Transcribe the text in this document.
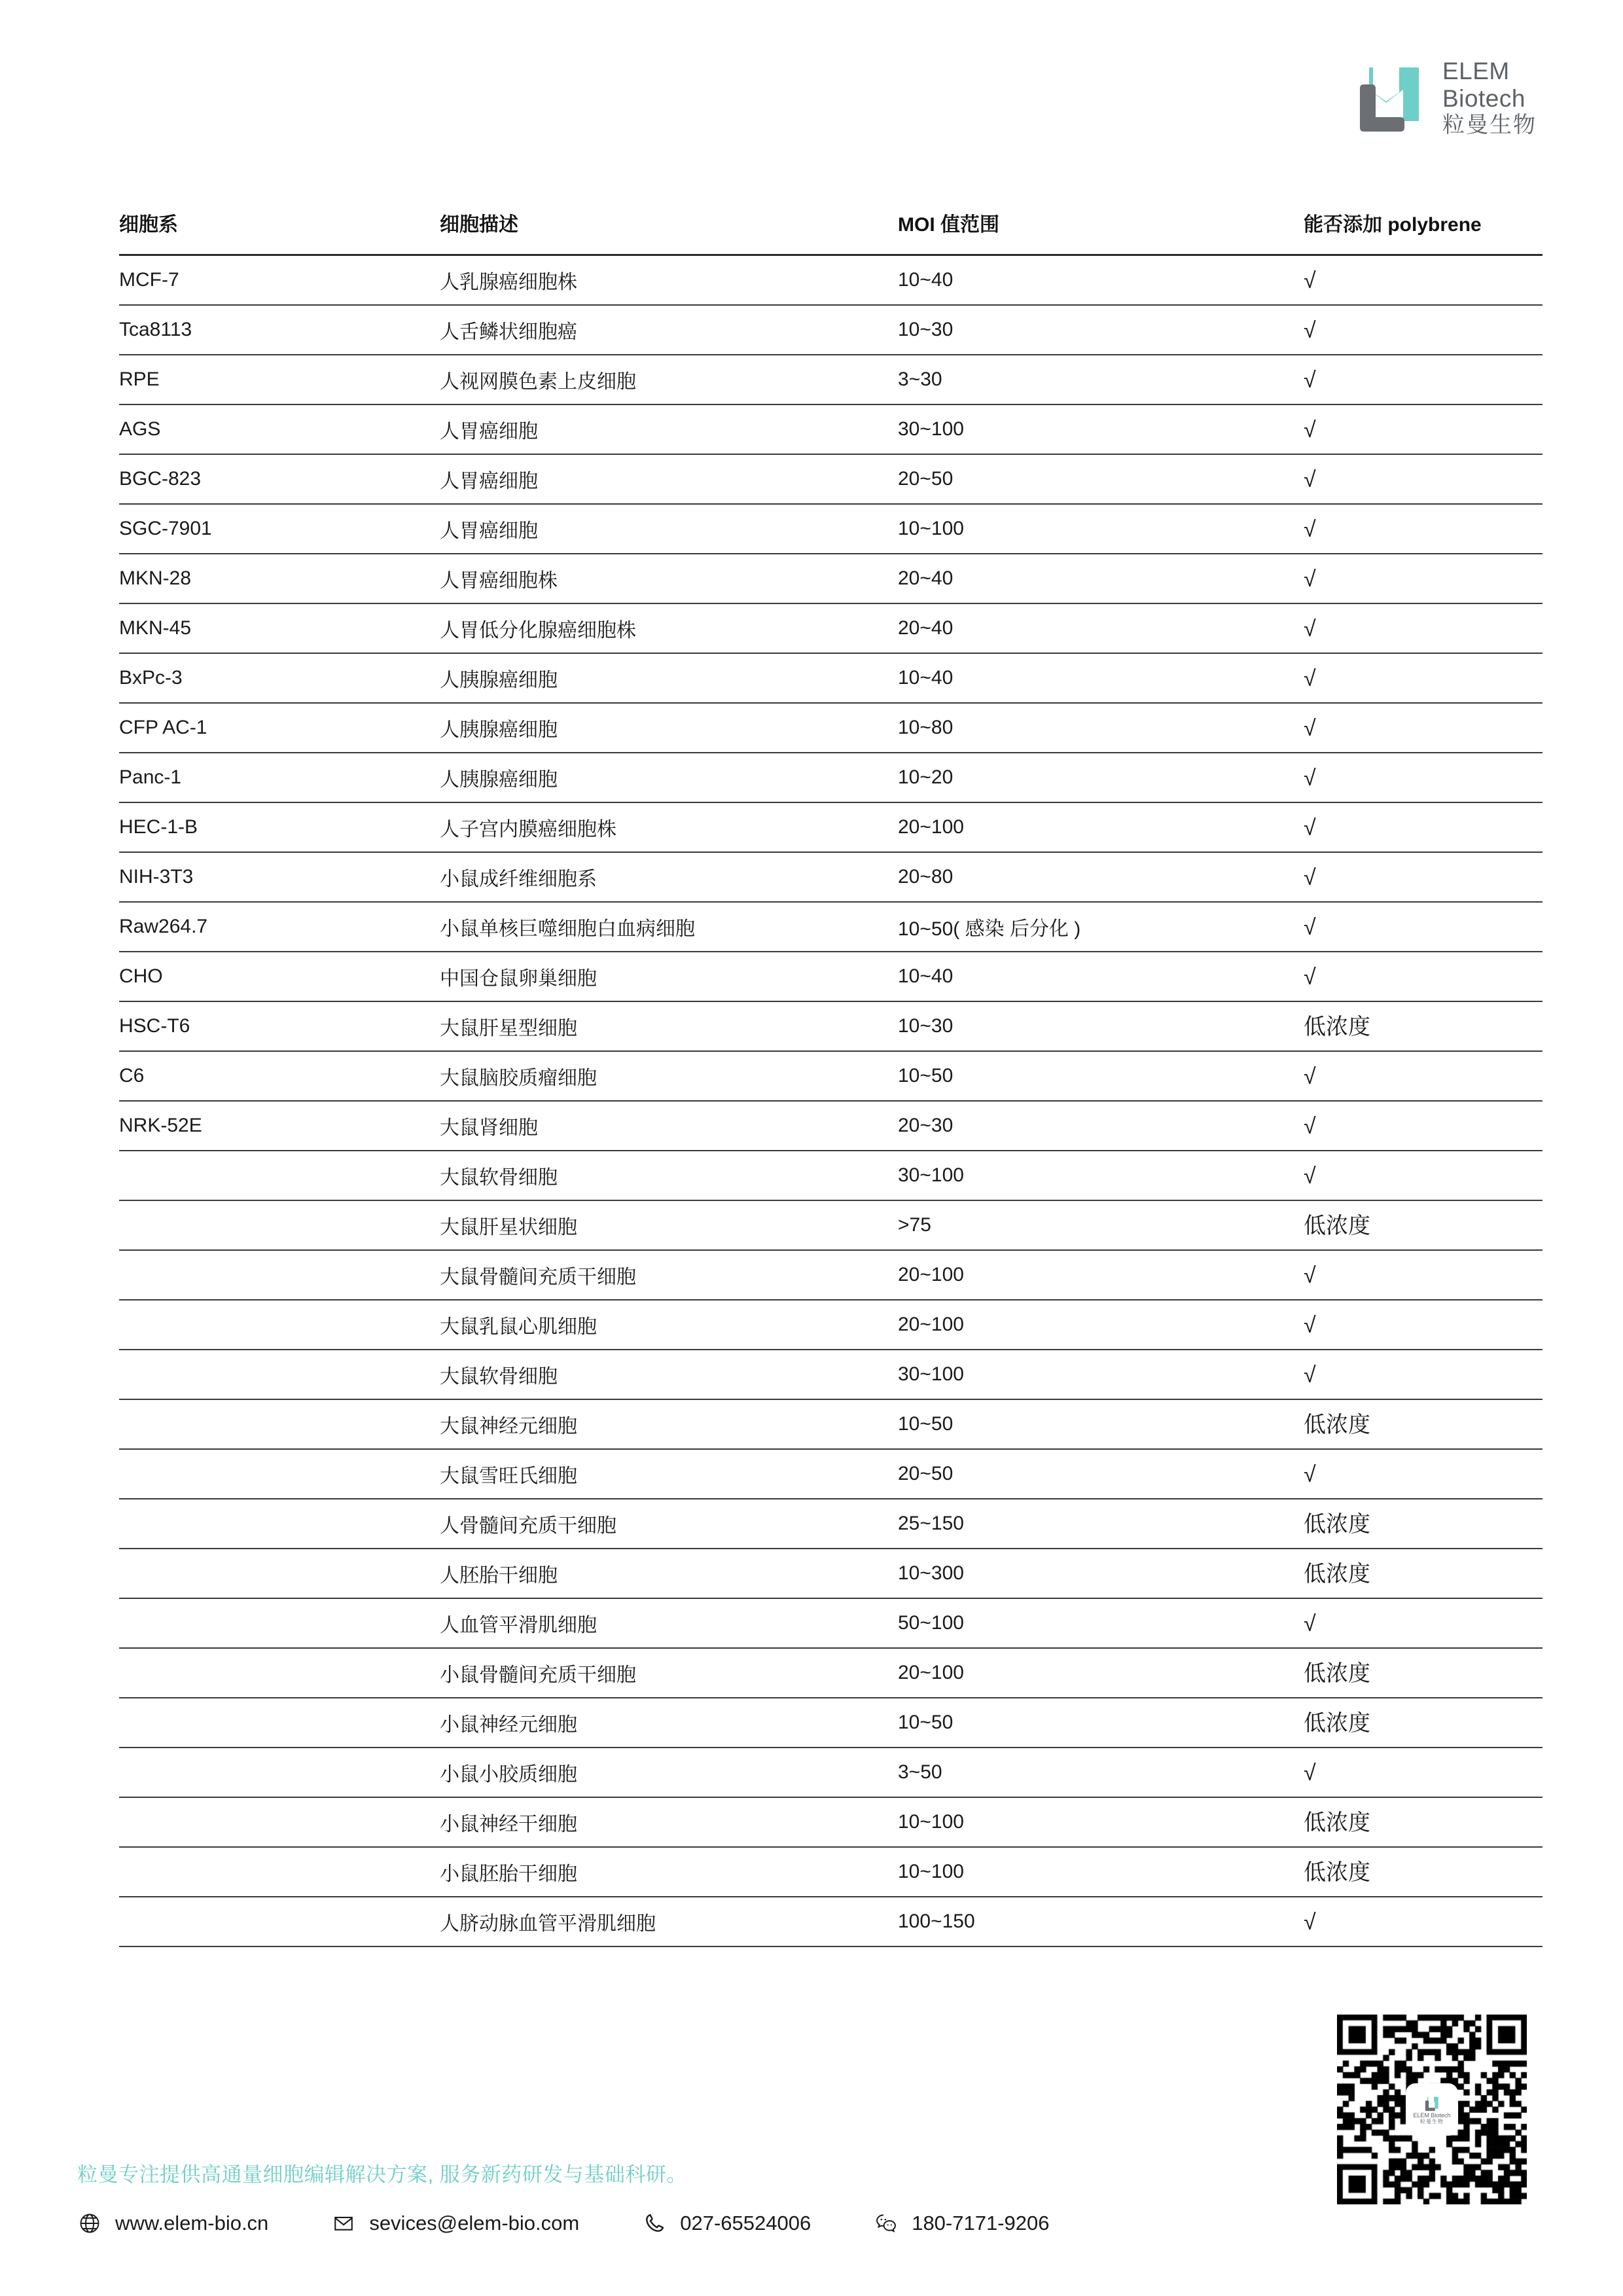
ELEM
Biotech
粒曼生物
细胞系	细胞描述	MOI 值范围	能否添加 polybrene
MCF-7	人乳腺癌细胞株	10~40	√
Tca8113	人舌鳞状细胞癌	10~30	√
RPE	人视网膜色素上皮细胞	3~30	√
AGS	人胃癌细胞	30~100	√
BGC-823	人胃癌细胞	20~50	√
SGC-7901	人胃癌细胞	10~100	√
MKN-28	人胃癌细胞株	20~40	√
MKN-45	人胃低分化腺癌细胞株	20~40	√
BxPc-3	人胰腺癌细胞	10~40	√
CFP AC-1	人胰腺癌细胞	10~80	√
Panc-1	人胰腺癌细胞	10~20	√
HEC-1-B	人子宫内膜癌细胞株	20~100	√
NIH-3T3	小鼠成纤维细胞系	20~80	√
Raw264.7	小鼠单核巨噬细胞白血病细胞	10~50( 感染 后分化 )	√
CHO	中国仓鼠卵巢细胞	10~40	√
HSC-T6	大鼠肝星型细胞	10~30	低浓度
C6	大鼠脑胶质瘤细胞	10~50	√
NRK-52E	大鼠肾细胞	20~30	√
	大鼠软骨细胞	30~100	√
	大鼠肝星状细胞	>75	低浓度
	大鼠骨髓间充质干细胞	20~100	√
	大鼠乳鼠心肌细胞	20~100	√
	大鼠软骨细胞	30~100	√
	大鼠神经元细胞	10~50	低浓度
	大鼠雪旺氏细胞	20~50	√
	人骨髓间充质干细胞	25~150	低浓度
	人胚胎干细胞	10~300	低浓度
	人血管平滑肌细胞	50~100	√
	小鼠骨髓间充质干细胞	20~100	低浓度
	小鼠神经元细胞	10~50	低浓度
	小鼠小胶质细胞	3~50	√
	小鼠神经干细胞	10~100	低浓度
	小鼠胚胎干细胞	10~100	低浓度
	人脐动脉血管平滑肌细胞	100~150	√
ELEM Biotech
粒曼生物
粒曼专注提供高通量细胞编辑解决方案, 服务新药研发与基础科研。
www.elem-bio.cn	sevices@elem-bio.com	027-65524006	180-7171-9206
